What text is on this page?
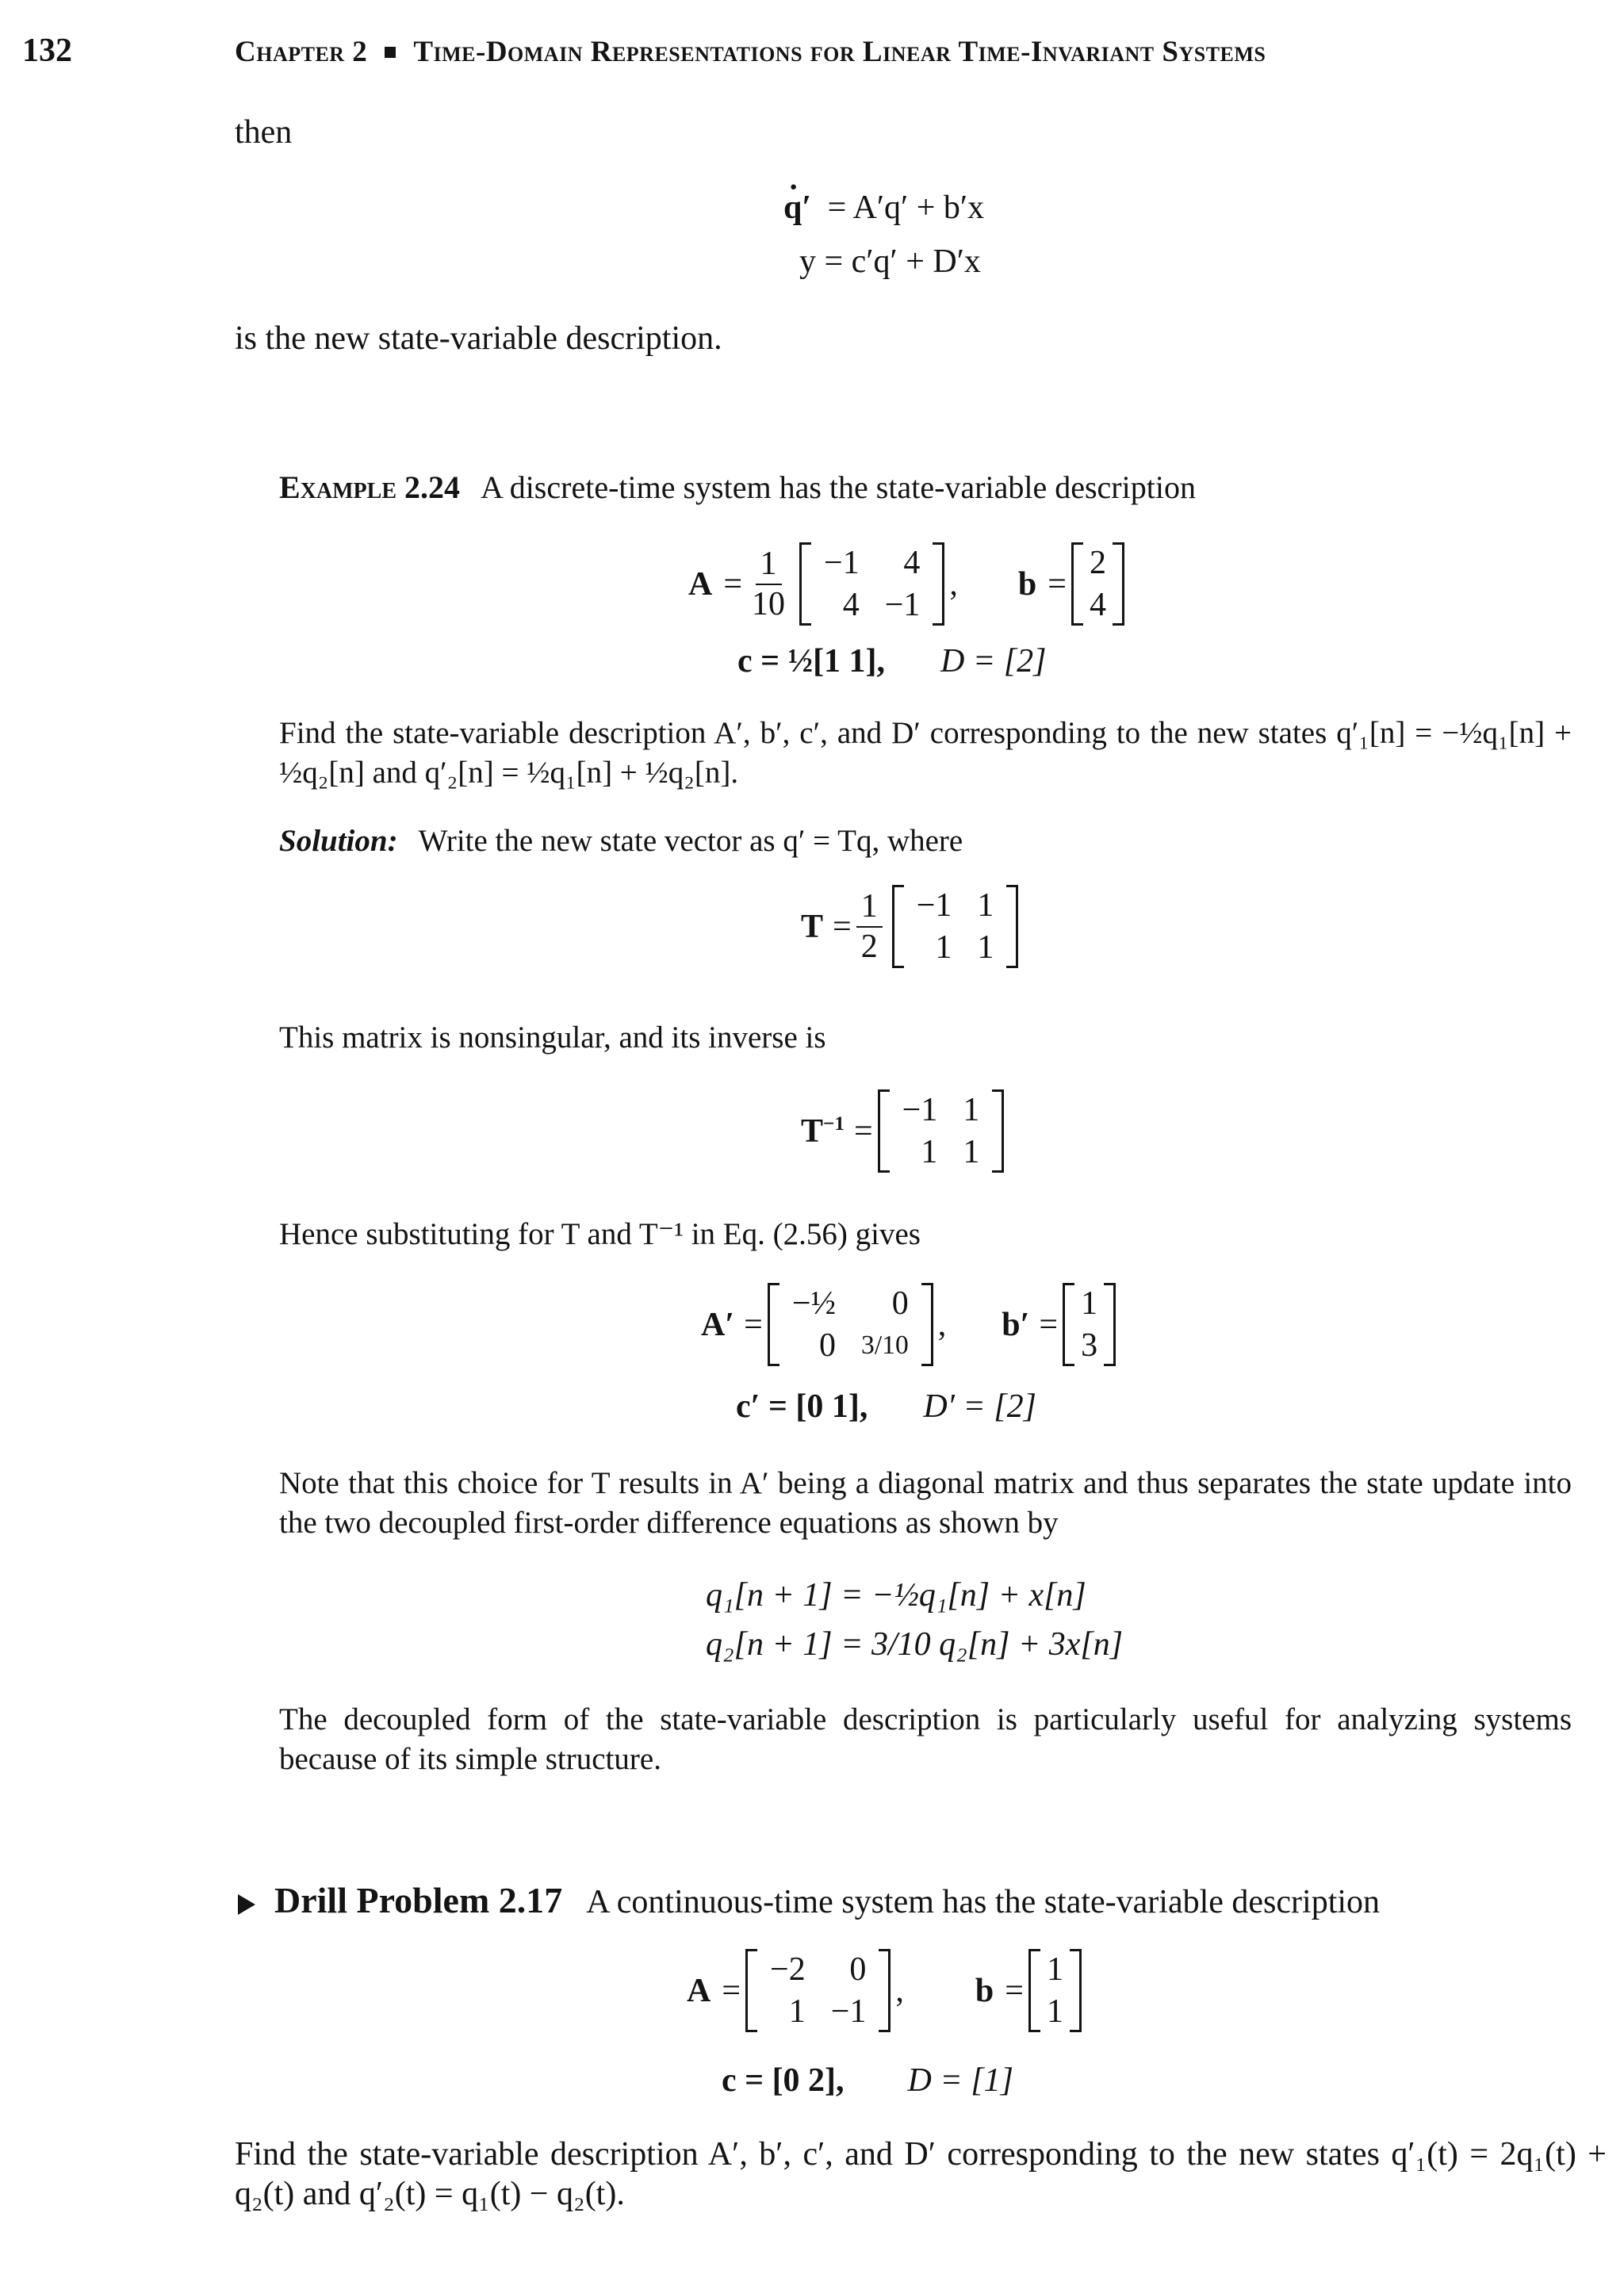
132	Chapter 2 Time-Domain Representations for Linear Time-Invariant Systems
then
· q′ = A′q′ + b′x
y = c′q′ + D′x
is the new state-variable description.
Example 2.24 A discrete-time system has the state-variable description
$A = \frac{1}{10} -1$	4
4	−1
, b =
2
4
c = ½[1 1], D = [2]
Find the state-variable description A′, b′, c′, and D′ corresponding to the new states q′₁[n] = −½q₁[n] + ½q₂[n] and q′₂[n] = ½q₁[n] + ½q₂[n].
Solution: Write the new state vector as q′ = Tq, where
$T = \frac{1}{2} -1$	1
1	1
This matrix is nonsingular, and its inverse is
$T^{-1}$ =
−1	1
1	1
Hence substituting for T and T⁻¹ in Eq. (2.56) gives
A′ =
−½	0
0	3/10
, b′ =
1
3
c′ = [0 1], D′ = [2]
Note that this choice for T results in A′ being a diagonal matrix and thus separates the state update into the two decoupled first-order difference equations as shown by
q₁[n + 1] = −½q₁[n] + x[n]
q₂[n + 1] = 3/10 q₂[n] + 3x[n]
The decoupled form of the state-variable description is particularly useful for analyzing systems because of its simple structure.
Drill Problem 2.17 A continuous-time system has the state-variable description
A =
−2	0
1	−1
, b =
1
1
c = [0 2], D = [1]
Find the state-variable description A′, b′, c′, and D′ corresponding to the new states q′₁(t) = 2q₁(t) + q₂(t) and q′₂(t) = q₁(t) − q₂(t).
